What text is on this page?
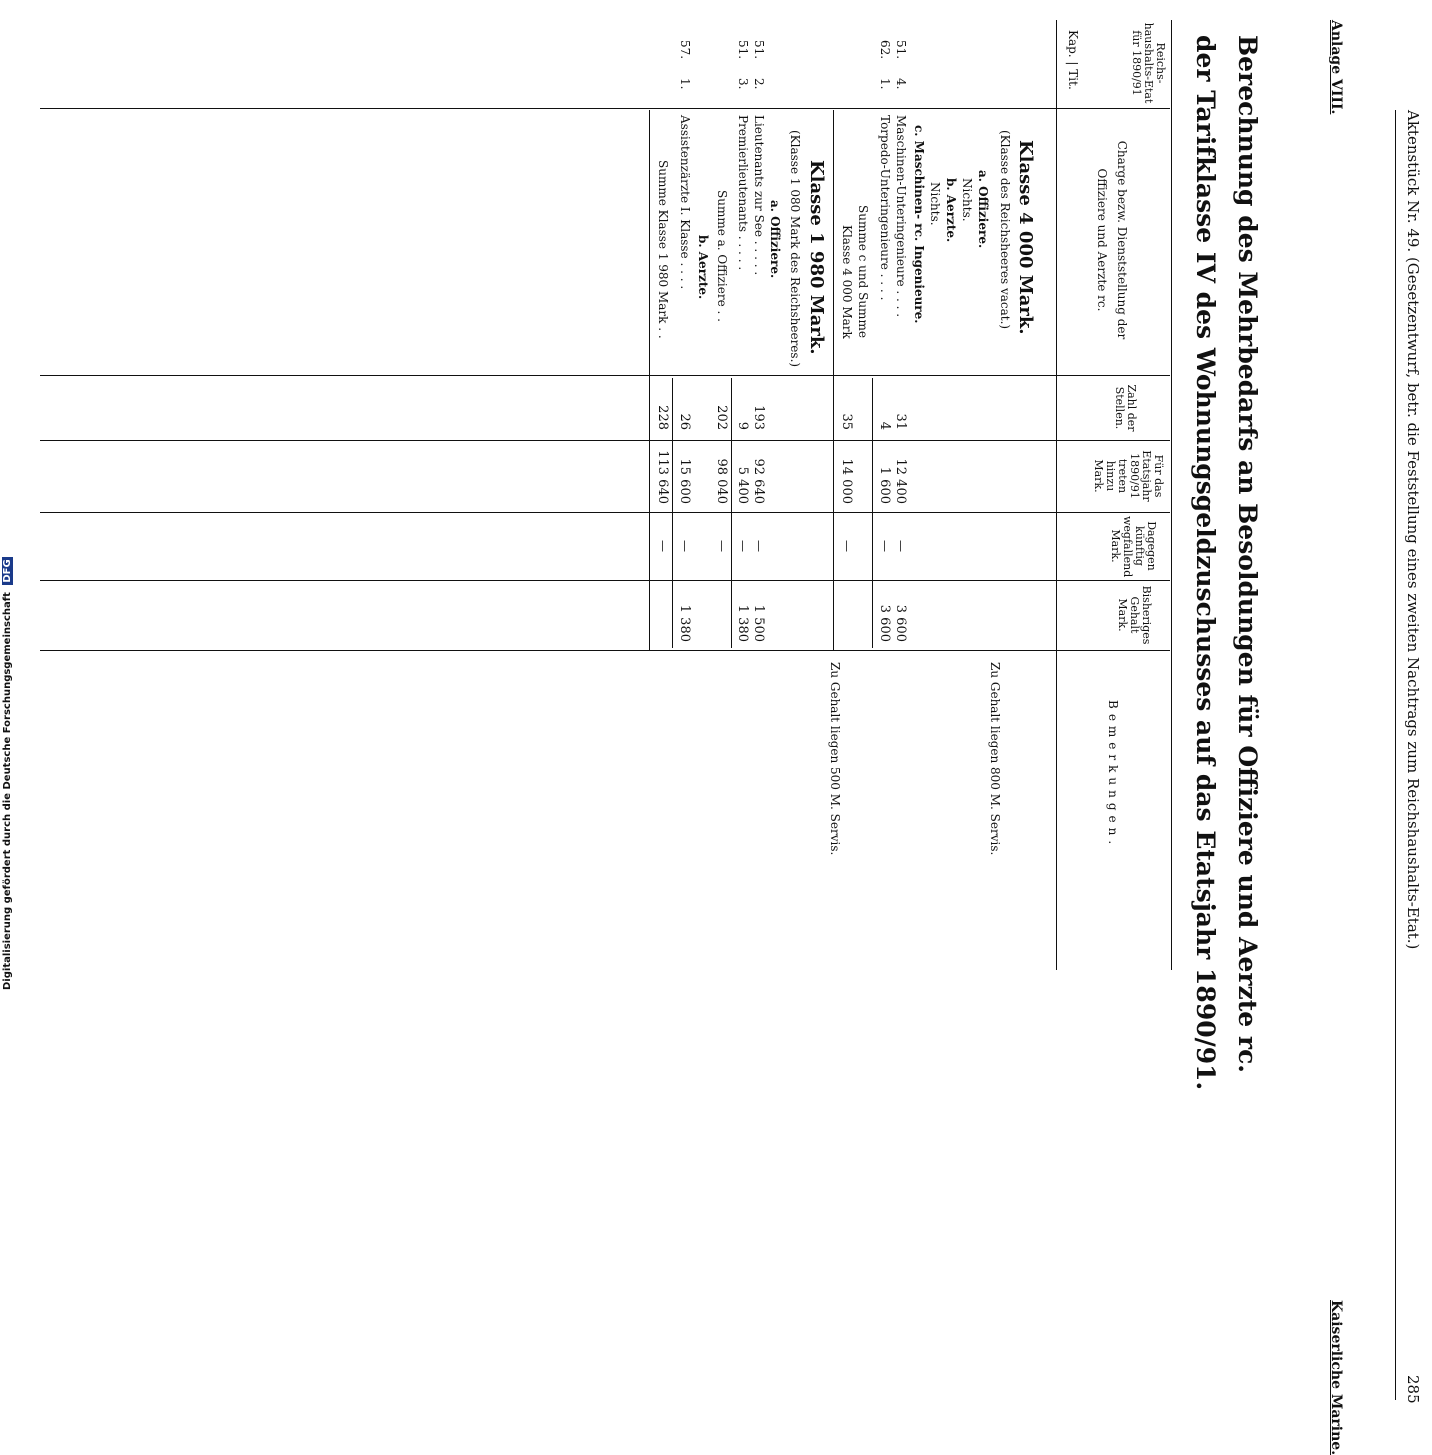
Aktenstück Nr. 49. (Gesetzentwurf, betr. die Feststellung eines zweiten Nachtrags zum Reichshaushalts-Etat.)
285
Anlage VIII.
Kaiserliche Marine.
Berechnung des Mehrbedarfs an Besoldungen für Offiziere und Aerzte rc.
der Tarifklasse IV des Wohnungsgeldzuschusses auf das Etatsjahr 1890/91.
Reichs-haushalts-Etat für 1890/91
Kap. | Tit.
Charge bezw. Dienststellung der Offiziere und Aerzte rc.
Zahl der Stellen.
Für das Etatsjahr 1890/91 treten hinzu Mark.
Dagegen künftig wegfallend Mark.
Bisheriges Gehalt Mark.
Bemerkungen.
Klasse 4 000 Mark.
(Klasse des Reichsheeres vacat.)
a. Offiziere.
Nichts.
b. Aerzte.
Nichts.
c. Maschinen- rc. Ingenieure.
51.
4.
Maschinen-Unteringenieure . . . .
31
12 400
—
3 600
62.
1.
Torpedo-Unteringenieure . . . .
4
1 600
—
3 600
Summe c und Summe
Klasse 4 000 Mark
35
14 000
—
Zu Gehalt liegen 800 M. Servis.
Klasse 1 980 Mark.
(Klasse 1 080 Mark des Reichsheeres.)
a. Offiziere.
51.
2.
Lieutenants zur See . . . . .
193
92 640
—
1 500
51.
3.
Premierlieutenants . . . . .
9
5 400
—
1 380
Summe a. Offiziere . .
202
98 040
—
b. Aerzte.
57.
1.
Assistenzärzte I. Klasse . . . .
26
15 600
—
1 380
Summe Klasse 1 980 Mark . .
228
113 640
—
Zu Gehalt liegen 500 M. Servis.
Digitalisierung gefördert durch die Deutsche Forschungsgemeinschaft DFG
